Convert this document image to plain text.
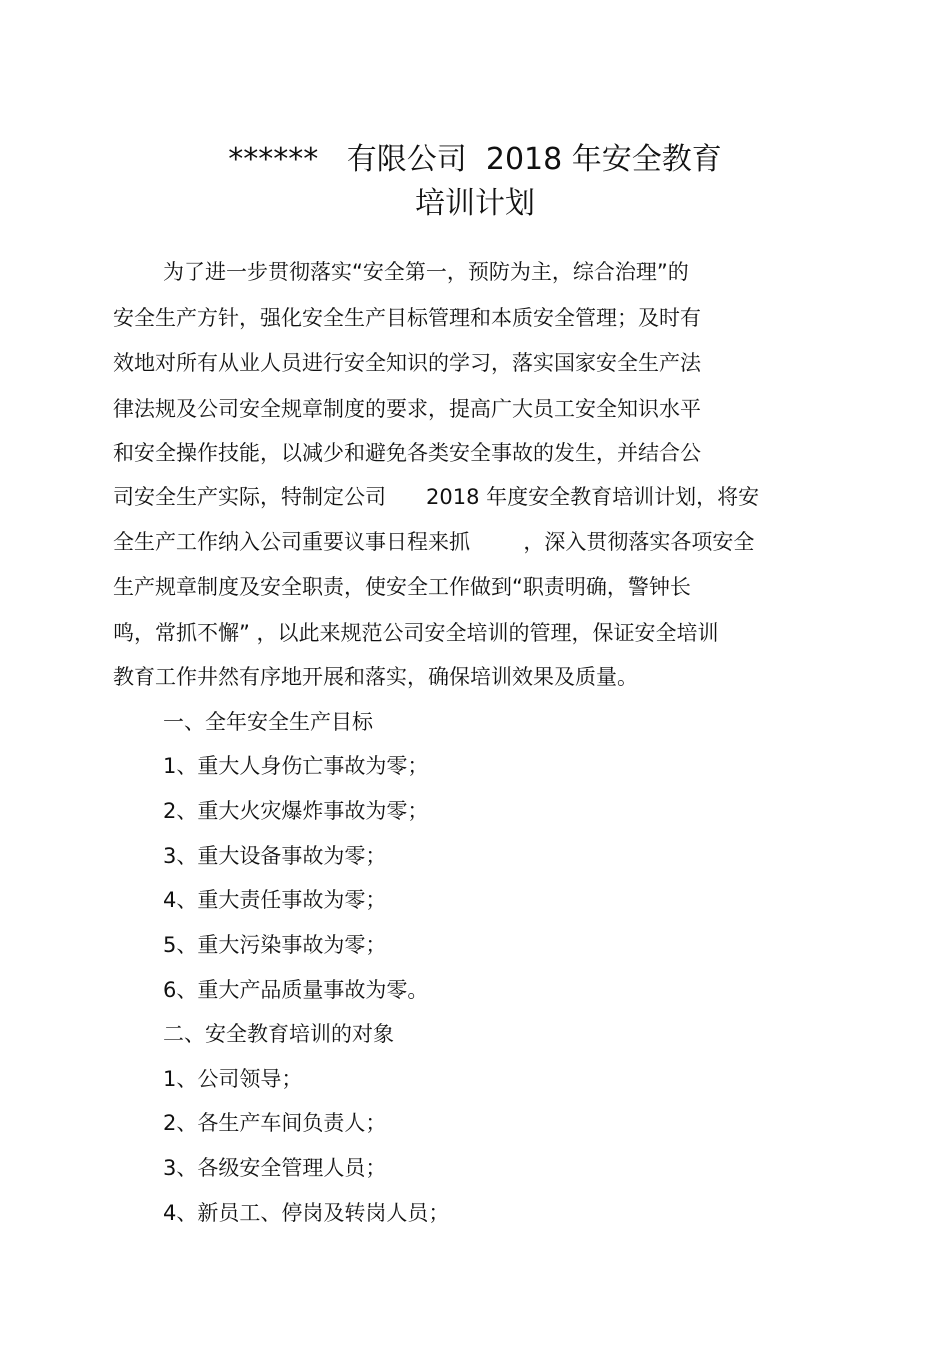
******   有限公司  2018 年安全教育
培训计划
为了进一步贯彻落实“安全第一，预防为主，综合治理”的
安全生产方针，强化安全生产目标管理和本质安全管理；及时有
效地对所有从业人员进行安全知识的学习，落实国家安全生产法
律法规及公司安全规章制度的要求，提高广大员工安全知识水平
和安全操作技能，以减少和避免各类安全事故的发生，并结合公
司安全生产实际，特制定公司      2018 年度安全教育培训计划，将安
全生产工作纳入公司重要议事日程来抓        ，深入贯彻落实各项安全
生产规章制度及安全职责，使安全工作做到“职责明确，警钟长
鸣，常抓不懈” ，以此来规范公司安全培训的管理，保证安全培训
教育工作井然有序地开展和落实，确保培训效果及质量。
一、全年安全生产目标
1、重大人身伤亡事故为零；
2、重大火灾爆炸事故为零；
3、重大设备事故为零；
4、重大责任事故为零；
5、重大污染事故为零；
6、重大产品质量事故为零。
二、安全教育培训的对象
1、公司领导；
2、各生产车间负责人；
3、各级安全管理人员；
4、新员工、停岗及转岗人员；
